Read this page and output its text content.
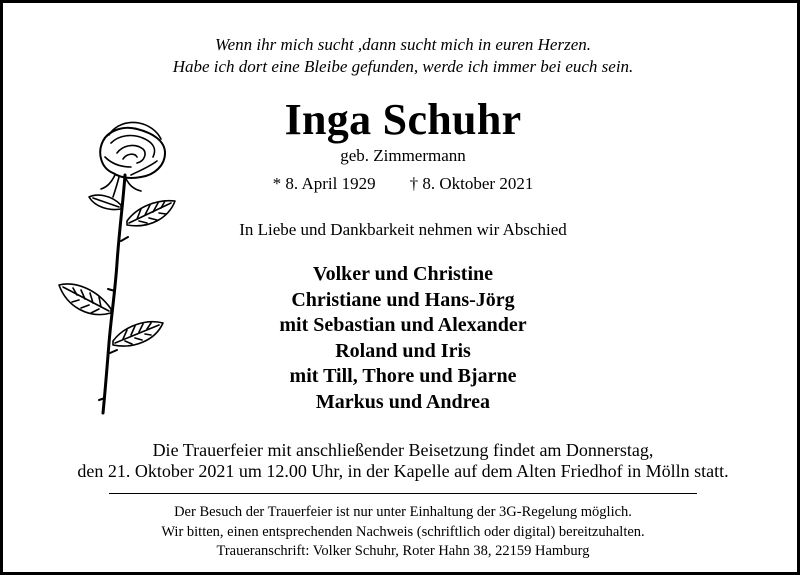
Wenn ihr mich sucht ,dann sucht mich in euren Herzen.
Habe ich dort eine Bleibe gefunden, werde ich immer bei euch sein.
Inga Schuhr
geb. Zimmermann
* 8. April 1929 † 8. Oktober 2021
In Liebe und Dankbarkeit nehmen wir Abschied
Volker und Christine
Christiane und Hans-Jörg
mit Sebastian und Alexander
Roland und Iris
mit Till, Thore und Bjarne
Markus und Andrea
Die Trauerfeier mit anschließender Beisetzung findet am Donnerstag,
den 21. Oktober 2021 um 12.00 Uhr, in der Kapelle auf dem Alten Friedhof in Mölln statt.
Der Besuch der Trauerfeier ist nur unter Einhaltung der 3G-Regelung möglich.
Wir bitten, einen entsprechenden Nachweis (schriftlich oder digital) bereitzuhalten.
Traueranschrift: Volker Schuhr, Roter Hahn 38, 22159 Hamburg
